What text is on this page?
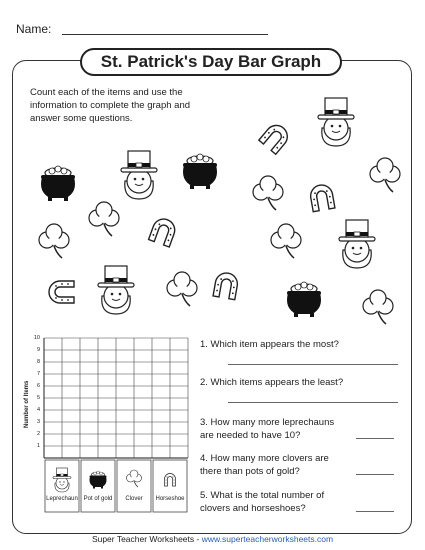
Name:
St. Patrick's Day Bar Graph
Count each of the items and use the information to complete the graph and answer some questions.
Number of Items
1
2
3
4
5
6
7
8
9
10
Leprechaun Pot of gold	Clover	Horseshoe
1. Which item appears the most?
2. Which items appears the least?
3. How many more leprechauns are needed to have 10?
4. How many more clovers are there than pots of gold?
5. What is the total number of clovers and horseshoes?
Super Teacher Worksheets - www.superteacherworksheets.com
